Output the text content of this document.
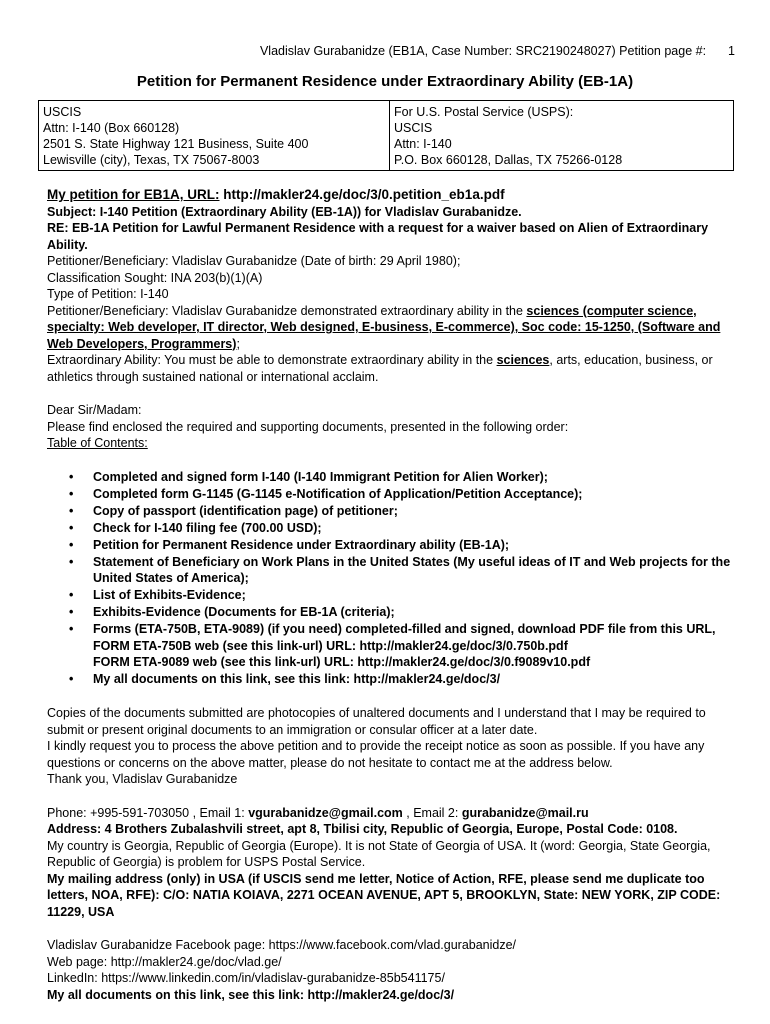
Vladislav Gurabanidze (EB1A, Case Number: SRC2190248027) Petition page #: 1
Petition for Permanent Residence under Extraordinary Ability (EB-1A)
USCIS
Attn: I-140 (Box 660128)
2501 S. State Highway 121 Business, Suite 400
Lewisville (city), Texas, TX 75067-8003

For U.S. Postal Service (USPS):
USCIS
Attn: I-140
P.O. Box 660128, Dallas, TX 75266-0128

My petition for EB1A, URL: http://makler24.ge/doc/3/0.petition_eb1a.pdf

Subject: I-140 Petition (Extraordinary Ability (EB-1A)) for Vladislav Gurabanidze.

RE: EB-1A Petition for Lawful Permanent Residence with a request for a waiver based on Alien of Extraordinary Ability.

Petitioner/Beneficiary: Vladislav Gurabanidze (Date of birth: 29 April 1980);

Classification Sought: INA 203(b)(1)(A)

Type of Petition: I-140

Petitioner/Beneficiary: Vladislav Gurabanidze demonstrated extraordinary ability in the sciences (computer science, specialty: Web developer, IT director, Web designed, E-business, E-commerce), Soc code: 15-1250, (Software and Web Developers, Programmers);

Extraordinary Ability: You must be able to demonstrate extraordinary ability in the sciences, arts, education, business, or athletics through sustained national or international acclaim.

Dear Sir/Madam:

Please find enclosed the required and supporting documents, presented in the following order:

Table of Contents:

• Completed and signed form I-140 (I-140 Immigrant Petition for Alien Worker);
• Completed form G-1145 (G-1145 e-Notification of Application/Petition Acceptance);
• Copy of passport (identification page) of petitioner;
• Check for I-140 filing fee (700.00 USD);
• Petition for Permanent Residence under Extraordinary ability (EB-1A);
• Statement of Beneficiary on Work Plans in the United States (My useful ideas of IT and Web projects for the United States of America);
• List of Exhibits-Evidence;
• Exhibits-Evidence (Documents for EB-1A (criteria);
• Forms (ETA-750B, ETA-9089) (if you need) completed-filled and signed, download PDF file from this URL,
FORM ETA-750B web (see this link-url) URL: http://makler24.ge/doc/3/0.750b.pdf
FORM ETA-9089 web (see this link-url) URL: http://makler24.ge/doc/3/0.f9089v10.pdf
• My all documents on this link, see this link: http://makler24.ge/doc/3/

Copies of the documents submitted are photocopies of unaltered documents and I understand that I may be required to submit or present original documents to an immigration or consular officer at a later date.

I kindly request you to process the above petition and to provide the receipt notice as soon as possible. If you have any questions or concerns on the above matter, please do not hesitate to contact me at the address below.

Thank you, Vladislav Gurabanidze

Phone: +995-591-703050 , Email 1: vgurabanidze@gmail.com , Email 2: gurabanidze@mail.ru

Address: 4 Brothers Zubalashvili street, apt 8, Tbilisi city, Republic of Georgia, Europe, Postal Code: 0108.

My country is Georgia, Republic of Georgia (Europe). It is not State of Georgia of USA. It (word: Georgia, State Georgia, Republic of Georgia) is problem for USPS Postal Service.

My mailing address (only) in USA (if USCIS send me letter, Notice of Action, RFE, please send me duplicate too letters, NOA, RFE): C/O: NATIA KOIAVA, 2271 OCEAN AVENUE, APT 5, BROOKLYN, State: NEW YORK, ZIP CODE: 11229, USA

Vladislav Gurabanidze Facebook page: https://www.facebook.com/vlad.gurabanidze/

Web page: http://makler24.ge/doc/vlad.ge/

LinkedIn: https://www.linkedin.com/in/vladislav-gurabanidze-85b541175/

My all documents on this link, see this link: http://makler24.ge/doc/3/
